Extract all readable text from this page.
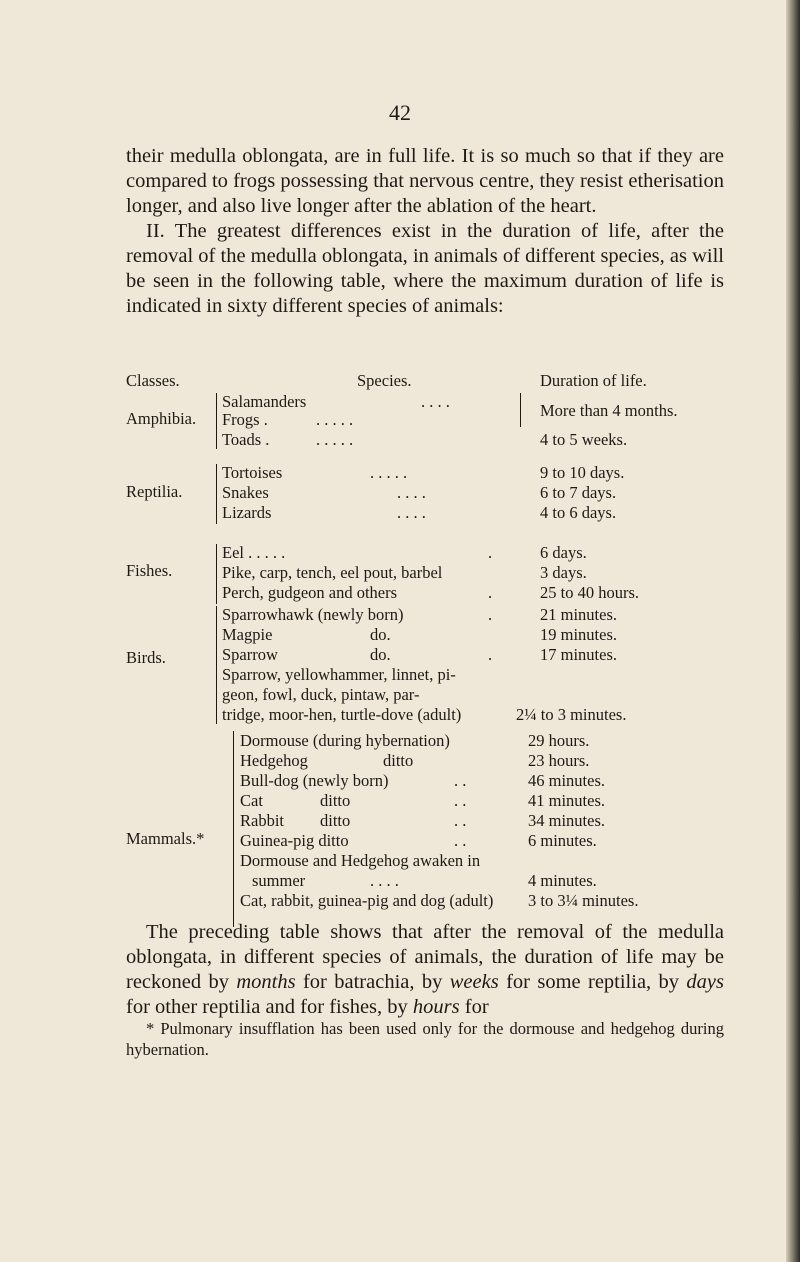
42

their medulla oblongata, are in full life. It is so much so that if they are compared to frogs possessing that nervous centre, they resist etherisation longer, and also live longer after the ablation of the heart.

II. The greatest differences exist in the duration of life, after the removal of the medulla oblongata, in animals of different species, as will be seen in the following table, where the maximum duration of life is indicated in sixty different species of animals:

Classes.	Species.	Duration of life.
Amphibia.
Salamanders	. . . .
Frogs .	. . . . .	More than 4 months.
Toads .	. . . . .	4 to 5 weeks.
Reptilia.
Tortoises	. . . . .	9 to 10 days.
Snakes	. . . .	6 to 7 days.
Lizards	. . . .	4 to 6 days.
Fishes.
Eel . . . . .	.	6 days.
Pike, carp, tench, eel pout, barbel	3 days.
Perch, gudgeon and others	.	25 to 40 hours.
Birds.
Sparrowhawk (newly born)	.	21 minutes.
Magpie	do.	19 minutes.
Sparrow	do.	.	17 minutes.
Sparrow, yellowhammer, linnet, pi-
geon, fowl, duck, pintaw, par-
tridge, moor-hen, turtle-dove (adult)	2¼ to 3 minutes.
Mammals.*
Dormouse (during hybernation)	29 hours.
Hedgehog	ditto	23 hours.
Bull-dog (newly born)	. .	46 minutes.
Cat	ditto	. .	41 minutes.
Rabbit ditto	. .	34 minutes.
Guinea-pig ditto	. .	6 minutes.
Dormouse and Hedgehog awaken in
summer	. . . .	4 minutes.
Cat, rabbit, guinea-pig and dog (adult) 3 to 3¼ minutes.

The preceding table shows that after the removal of the medulla oblongata, in different species of animals, the duration of life may be reckoned by months for batrachia, by weeks for some reptilia, by days for other reptilia and for fishes, by hours for

* Pulmonary insufflation has been used only for the dormouse and hedgehog during hybernation.
